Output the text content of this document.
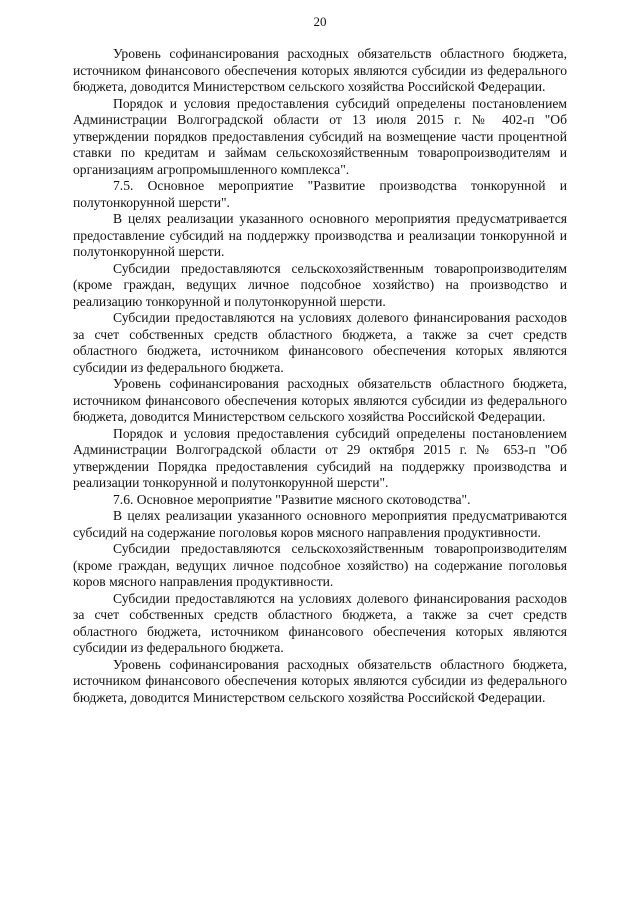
20

Уровень софинансирования расходных обязательств областного бюджета, источником финансового обеспечения которых являются субсидии из федерального бюджета, доводится Министерством сельского хозяйства Российской Федерации.

Порядок и условия предоставления субсидий определены постановлением Администрации Волгоградской области от 13 июля 2015 г. № 402-п "Об утверждении порядков предоставления субсидий на возмещение части процентной ставки по кредитам и займам сельскохозяйственным товаропроизводителям и организациям агропромышленного комплекса".

7.5. Основное мероприятие "Развитие производства тонкорунной и полутонкорунной шерсти".

В целях реализации указанного основного мероприятия предусматривается предоставление субсидий на поддержку производства и реализации тонкорунной и полутонкорунной шерсти.

Субсидии предоставляются сельскохозяйственным товаропроизводителям (кроме граждан, ведущих личное подсобное хозяйство) на производство и реализацию тонкорунной и полутонкорунной шерсти.

Субсидии предоставляются на условиях долевого финансирования расходов за счет собственных средств областного бюджета, а также за счет средств областного бюджета, источником финансового обеспечения которых являются субсидии из федерального бюджета.

Уровень софинансирования расходных обязательств областного бюджета, источником финансового обеспечения которых являются субсидии из федерального бюджета, доводится Министерством сельского хозяйства Российской Федерации.

Порядок и условия предоставления субсидий определены постановлением Администрации Волгоградской области от 29 октября 2015 г. № 653-п "Об утверждении Порядка предоставления субсидий на поддержку производства и реализации тонкорунной и полутонкорунной шерсти".

7.6. Основное мероприятие "Развитие мясного скотоводства".

В целях реализации указанного основного мероприятия предусматриваются субсидий на содержание поголовья коров мясного направления продуктивности.

Субсидии предоставляются сельскохозяйственным товаропроизводителям (кроме граждан, ведущих личное подсобное хозяйство) на содержание поголовья коров мясного направления продуктивности.

Субсидии предоставляются на условиях долевого финансирования расходов за счет собственных средств областного бюджета, а также за счет средств областного бюджета, источником финансового обеспечения которых являются субсидии из федерального бюджета.

Уровень софинансирования расходных обязательств областного бюджета, источником финансового обеспечения которых являются субсидии из федерального бюджета, доводится Министерством сельского хозяйства Российской Федерации.
